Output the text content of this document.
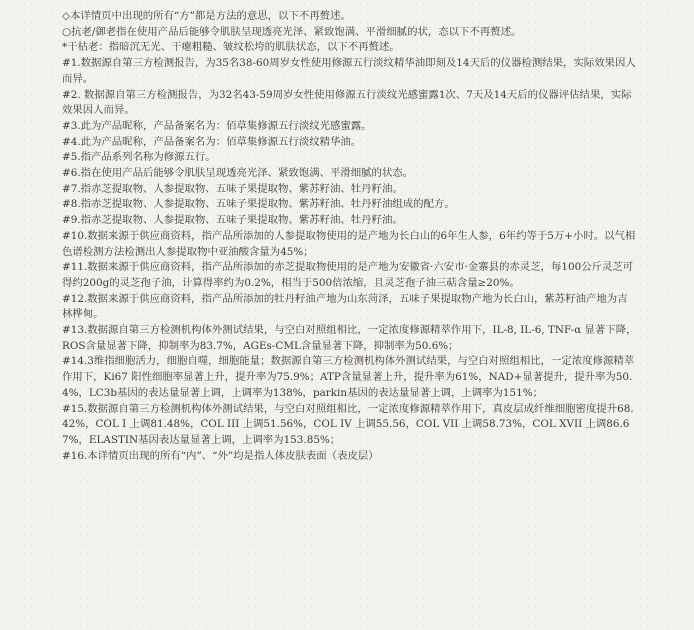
◇本详情页中出现的所有“方”都是方法的意思，以下不再赘述。

○抗老/御老指在使用产品后能够令肌肤呈现透亮光泽、紧致饱满、平滑细腻的状，态以下不再赘述。

*干枯老：指暗沉无光、干瘪粗糙、皱纹松垮的肌肤状态，以下不再赘述。

#1.数据源自第三方检测报告，为35名38-60周岁女性使用修源五行淡纹精华油即刻及14天后的仪器检测结果，实际效果因人而异。

#2. 数据源自第三方检测报告，为32名43-59周岁女性使用修源五行淡纹光感蜜露1次、7天及14天后的仪器评估结果，实际效果因人而异。

#3.此为产品昵称，产品备案名为：佰草集修源五行淡纹光感蜜露。

#4.此为产品昵称，产品备案名为：佰草集修源五行淡纹精华油。

#5.指产品系列名称为修源五行。

#6.指在使用产品后能够令肌肤呈现透亮光泽、紧致饱满、平滑细腻的状态。

#7.指赤芝提取物、人参提取物、五味子果提取物、紫苏籽油、牡丹籽油。

#8.指赤芝提取物、人参提取物、五味子果提取物、紫苏籽油、牡丹籽油组成的配方。

#9.指赤芝提取物、人参提取物、五味子果提取物、紫苏籽油、牡丹籽油。

#10.数据来源于供应商资料，指产品所添加的人参提取物使用的是产地为长白山的6年生人参，6年约等于5万+小时。以气相色谱检测方法检测出人参提取物中亚油酸含量为45%；

#11.数据来源于供应商资料，指产品所添加的赤芝提取物使用的是产地为安徽省·六安市·金寨县的赤灵芝，每100公斤灵芝可得约200g的灵芝孢子油，计算得率约为0.2%，相当于500倍浓缩，且灵芝孢子油三萜含量≥20%。

#12.数据来源于供应商资料，指产品所添加的牡丹籽油产地为山东菏泽，五味子果提取物产地为长白山，紫苏籽油产地为吉林桦甸。

#13.数据源自第三方检测机构体外测试结果，与空白对照组相比，一定浓度修源精萃作用下，IL-8, IL-6, TNF-α 显著下降，ROS含量显著下降，抑制率为83.7%，AGEs-CML含量显著下降，抑制率为50.6%；

#14.3维指细胞活力，细胞自噬，细胞能量；数据源自第三方检测机构体外测试结果，与空白对照组相比，一定浓度修源精萃作用下，Ki67 阳性细胞率显著上升，提升率为75.9%；ATP含量显著上升，提升率为61%，NAD+显著提升，提升率为50.4%，LC3b基因的表达量显著上调，上调率为138%，parkin基因的表达量显著上调，上调率为151%；

#15.数据源自第三方检测机构体外测试结果，与空白对照组相比，一定浓度修源精萃作用下，真皮层成纤维细胞密度提升68.42%，COL I 上调81.48%，COL III 上调51.56%，COL IV 上调55.56，COL VII 上调58.73%，COL XVII 上调86.67%，ELASTIN基因表达量显著上调，上调率为153.85%；

#16.本详情页出现的所有“内”、“外”均是指人体皮肤表面（表皮层）
